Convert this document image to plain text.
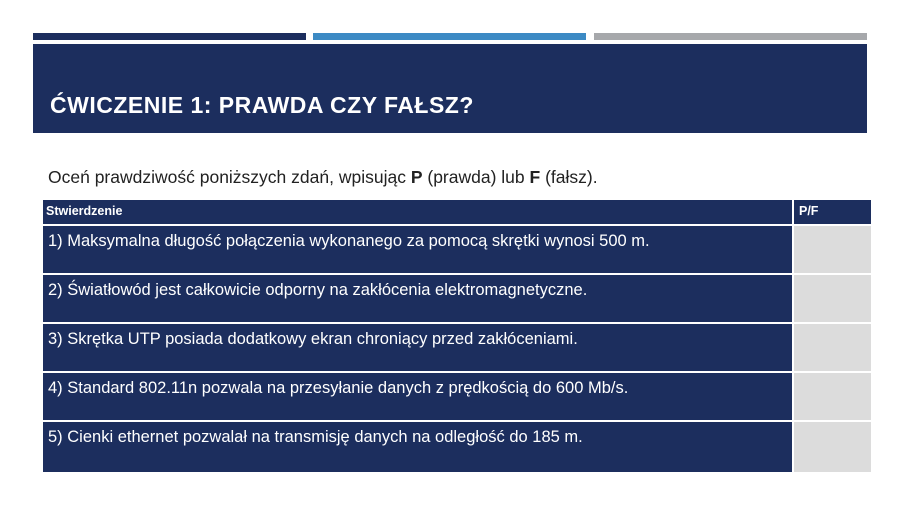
ĆWICZENIE 1: PRAWDA CZY FAŁSZ?
Oceń prawdziwość poniższych zdań, wpisując P (prawda) lub F (fałsz).
Stwierdzenie	P/F
1) Maksymalna długość połączenia wykonanego za pomocą skrętki wynosi 500 m.
2) Światłowód jest całkowicie odporny na zakłócenia elektromagnetyczne.
3) Skrętka UTP posiada dodatkowy ekran chroniący przed zakłóceniami.
4) Standard 802.11n pozwala na przesyłanie danych z prędkością do 600 Mb/s.
5) Cienki ethernet pozwalał na transmisję danych na odległość do 185 m.
